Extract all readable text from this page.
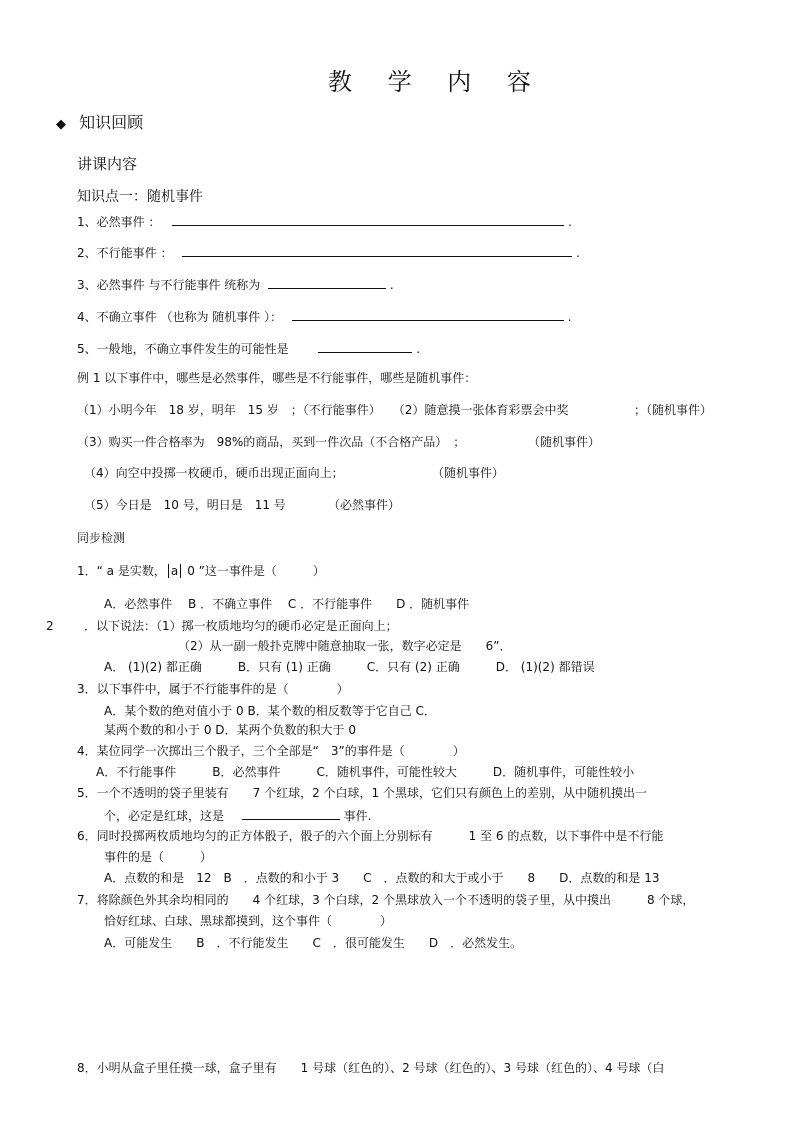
教 学 内 容
◆ 知识回顾
讲课内容
知识点一：随机事件
1、必然事件 ：	.
2、不行能事件 ：	.
3、必然事件 与不行能事件 统称为	.
4、不确立事件 （也称为 随机事件 ）：	.
5、一般地，不确立事件发生的可能性是	.
例 1 以下事件中，哪些是必然事件，哪些是不行能事件，哪些是随机事件：
（1）小明今年　18 岁，明年　15 岁　；（不行能事件）　　（2）随意摸一张体育彩票会中奖	；（随机事件）
（3）购买一件合格率为　98%的商品，买到一件次品（不合格产品）　；	（随机事件）
（4）向空中投掷一枚硬币，硬币出现正面向上；	（随机事件）
（5）今日是　10 号，明日是　11 号	（必然事件）
同步检测
1．“ a 是实数， a 0 ”这一事件是（　　　）
A．必然事件　 B ．不确立事件　 C ．不行能事件　　D ．随机事件
2	．以下说法：（1）掷一枚质地均匀的硬币必定是正面向上；
（2）从一副一般扑克牌中随意抽取一张，数字必定是　　6”．
A． (1)(2) 都正确　　　B．只有 (1) 正确　　　C．只有 (2) 正确　　　D． (1)(2) 都错误
3．以下事件中，属于不行能事件的是（　　　　）
A．某个数的绝对值小于 0 B．某个数的相反数等于它自己 C．
某两个数的和小于 0 D．某两个负数的积大于 0
4．某位同学一次掷出三个骰子，三个全部是“　3”的事件是（　　　　）
A．不行能事件　　　B．必然事件　　　C．随机事件，可能性较大　　　D．随机事件，可能性较小
5．一个不透明的袋子里装有　　7 个红球，2 个白球，1 个黑球，它们只有颜色上的差别，从中随机摸出一
个，必定是红球，这是	事件.
6．同时投掷两枚质地均匀的正方体骰子，骰子的六个面上分别标有　　　1 至 6 的点数，以下事件中是不行能
事件的是（　　　）
A．点数的和是　12　B　．点数的和小于 3　　C　．点数的和大于或小于　　8　　D．点数的和是 13
7．将除颜色外其余均相同的　　4 个红球，3 个白球，2 个黑球放入一个不透明的袋子里，从中摸出　　　8 个球，
恰好红球、白球、黑球都摸到，这个事件（　　　　）
A．可能发生　　B　．不行能发生　　C　．很可能发生　　D　．必然发生。
8．小明从盒子里任摸一球，盒子里有　　1 号球（红色的）、2 号球（红色的）、3 号球（红色的）、4 号球（白
